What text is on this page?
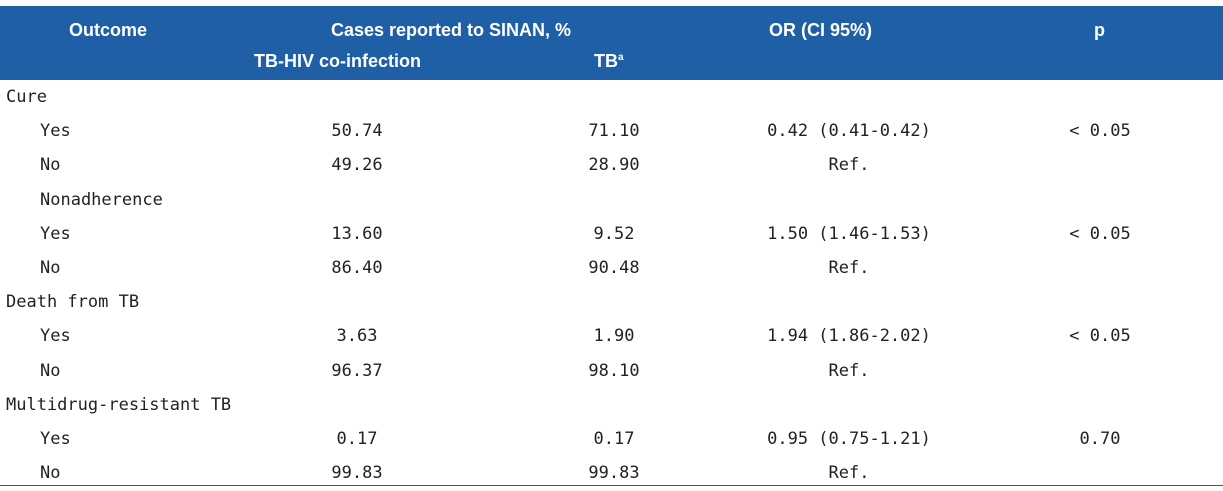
Outcome	Cases reported to SINAN, %	OR (CI 95%)	p
TB-HIV co-infection	$TB^a$
Cure
Yes	50.74	71.10	0.42 (0.41-0.42)	< 0.05
No	49.26	28.90	Ref.
Nonadherence
Yes	13.60	9.52	1.50 (1.46-1.53)	< 0.05
No	86.40	90.48	Ref.
Death from TB
Yes	3.63	1.90	1.94 (1.86-2.02)	< 0.05
No	96.37	98.10	Ref.
Multidrug-resistant TB
Yes	0.17	0.17	0.95 (0.75-1.21)	0.70
No	99.83	99.83	Ref.
